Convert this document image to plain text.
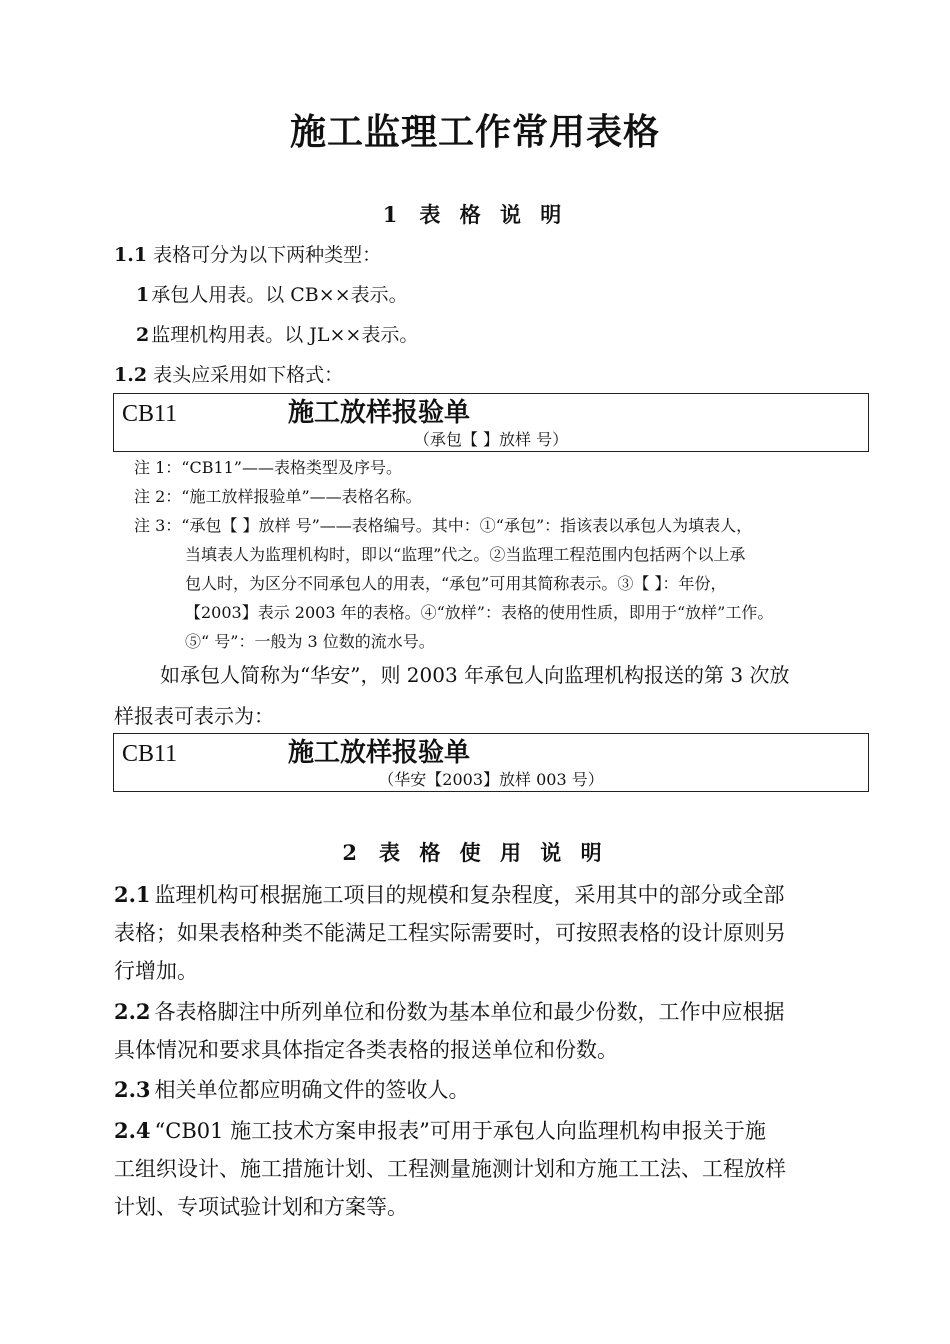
施工监理工作常用表格
1 表 格 说 明
1.1 表格可分为以下两种类型：
1 承包人用表。以 CB××表示。
2 监理机构用表。以 JL××表示。
1.2 表头应采用如下格式：
CB11	施工放样报验单
（承包【 】放样 号）
注 1：“CB11”——表格类型及序号。
注 2：“施工放样报验单”——表格名称。
注 3：“承包【 】放样 号”——表格编号。其中：①“承包”：指该表以承包人为填表人，
当填表人为监理机构时，即以“监理”代之。②当监理工程范围内包括两个以上承
包人时，为区分不同承包人的用表，“承包”可用其简称表示。③【 】：年份，
【2003】表示 2003 年的表格。④“放样”：表格的使用性质，即用于“放样”工作。
⑤“ 号”：一般为 3 位数的流水号。
如承包人简称为“华安”，则 2003 年承包人向监理机构报送的第 3 次放
样报表可表示为：
CB11	施工放样报验单
（华安【2003】放样 003 号）
2 表 格 使 用 说 明
2.1 监理机构可根据施工项目的规模和复杂程度，采用其中的部分或全部
表格；如果表格种类不能满足工程实际需要时，可按照表格的设计原则另
行增加。
2.2 各表格脚注中所列单位和份数为基本单位和最少份数，工作中应根据
具体情况和要求具体指定各类表格的报送单位和份数。
2.3 相关单位都应明确文件的签收人。
2.4 “CB01 施工技术方案申报表”可用于承包人向监理机构申报关于施
工组织设计、施工措施计划、工程测量施测计划和方施工工法、工程放样
计划、专项试验计划和方案等。
